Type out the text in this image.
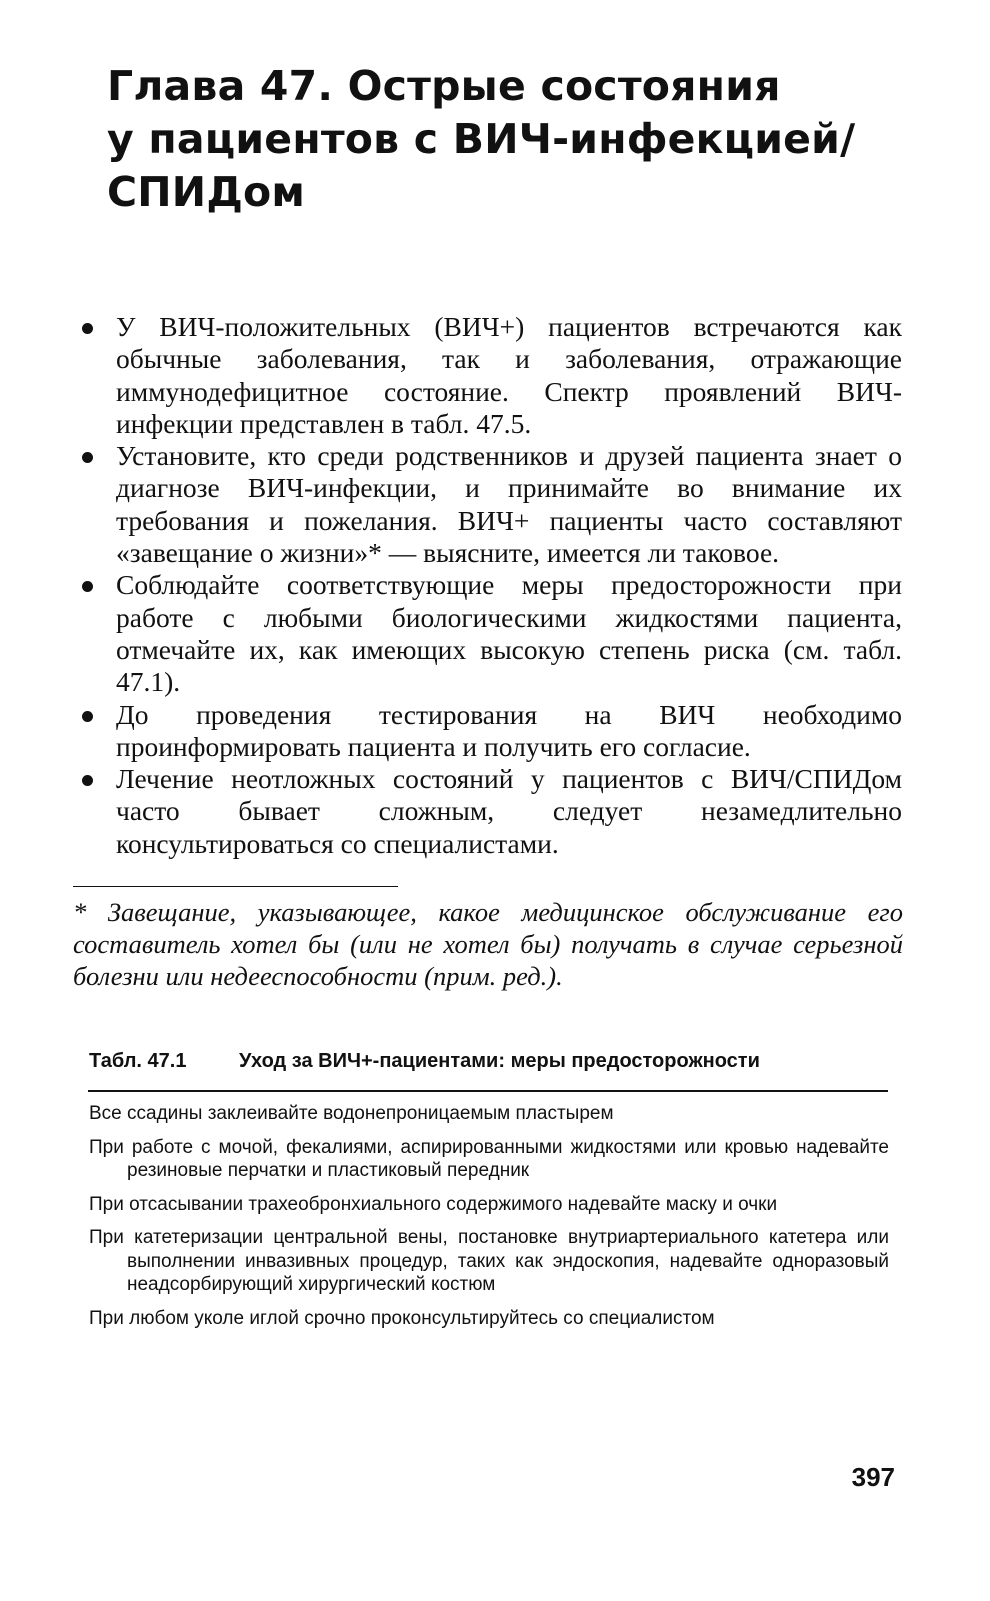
Глава 47. Острые состояния
у пациентов с ВИЧ-инфекцией/
СПИДом
У ВИЧ-положительных (ВИЧ+) пациентов встречаются как обычные заболевания, так и заболевания, отражающие иммунодефицитное состояние. Спектр проявлений ВИЧ-инфекции представлен в табл. 47.5.
Установите, кто среди родственников и друзей пациента знает о диагнозе ВИЧ-инфекции, и принимайте во внимание их требования и пожелания. ВИЧ+ пациенты часто составляют «завещание о жизни»* — выясните, имеется ли таковое.
Соблюдайте соответствующие меры предосторожности при работе с любыми биологическими жидкостями пациента, отмечайте их, как имеющих высокую степень риска (см. табл. 47.1).
До проведения тестирования на ВИЧ необходимо проинформировать пациента и получить его согласие.
Лечение неотложных состояний у пациентов с ВИЧ/СПИДом часто бывает сложным, следует незамедлительно консультироваться со специалистами.

* Завещание, указывающее, какое медицинское обслуживание его составитель хотел бы (или не хотел бы) получать в случае серьезной болезни или недееспособности (прим. ред.).

Табл. 47.1	Уход за ВИЧ+-пациентами: меры предосторожности
Все ссадины заклеивайте водонепроницаемым пластырем
При работе с мочой, фекалиями, аспирированными жидкостями или кровью надевайте резиновые перчатки и пластиковый передник
При отсасывании трахеобронхиального содержимого надевайте маску и очки
При катетеризации центральной вены, постановке внутриартериального катетера или выполнении инвазивных процедур, таких как эндоскопия, надевайте одноразовый неадсорбирующий хирургический костюм
При любом уколе иглой срочно проконсультируйтесь со специалистом
397
